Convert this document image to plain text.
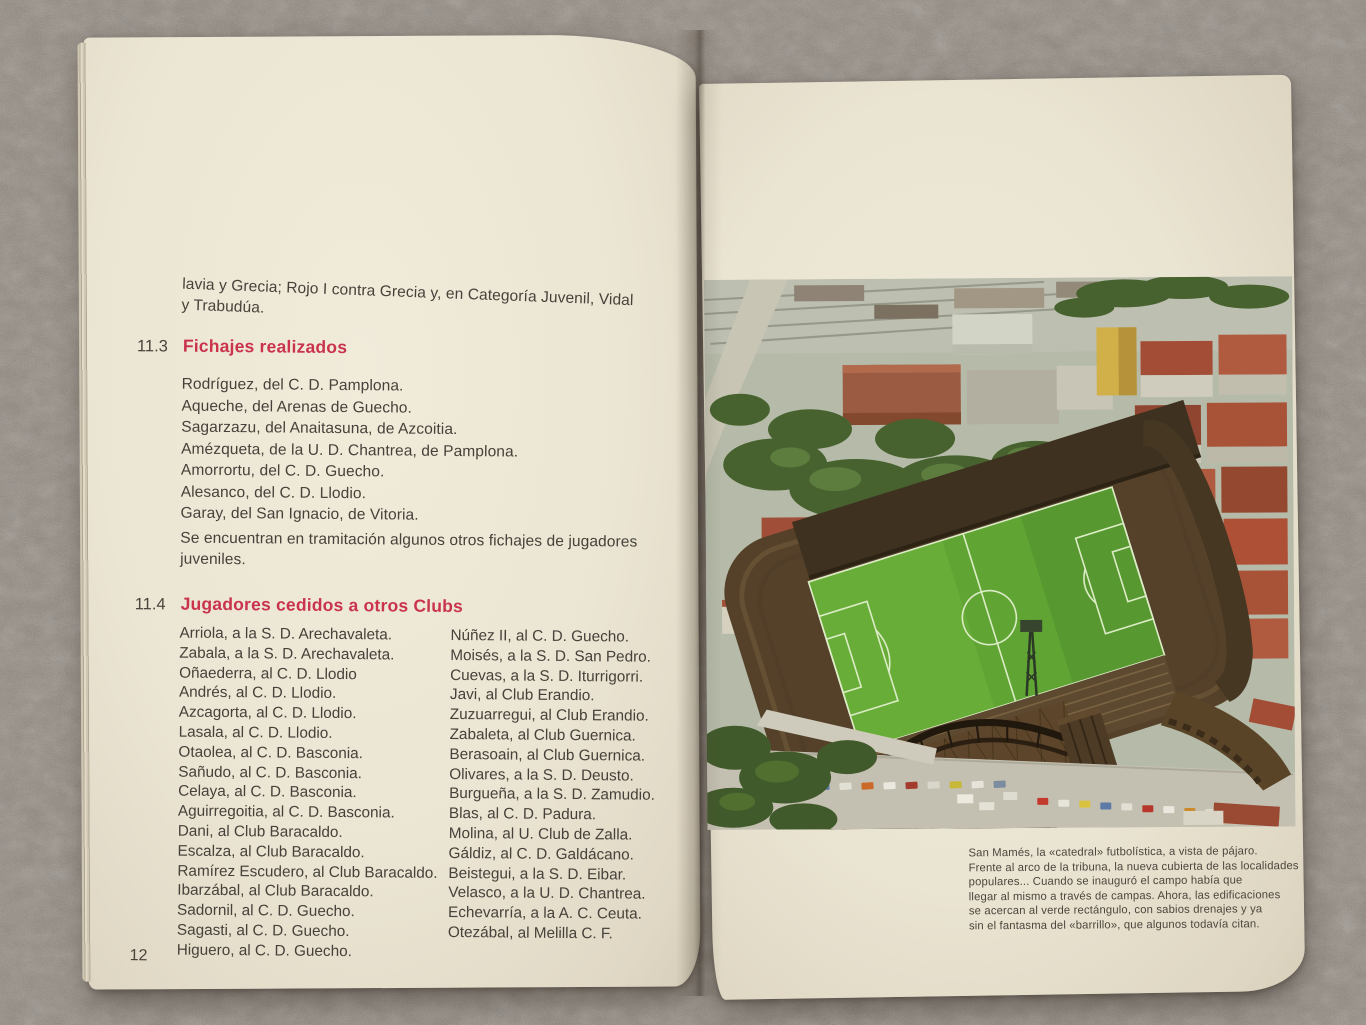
lavia y Grecia; Rojo I contra Grecia y, en Categoría Juvenil, Vidal
y Trabudúa.

11.3 Fichajes realizados
Rodríguez, del C. D. Pamplona.
Aqueche, del Arenas de Guecho.
Sagarzazu, del Anaitasuna, de Azcoitia.
Amézqueta, de la U. D. Chantrea, de Pamplona.
Amorrortu, del C. D. Guecho.
Alesanco, del C. D. Llodio.
Garay, del San Ignacio, de Vitoria.

Se encuentran en tramitación algunos otros fichajes de jugadores
juveniles.

11.4 Jugadores cedidos a otros Clubs
Arriola, a la S. D. Arechavaleta.
Zabala, a la S. D. Arechavaleta.
Oñaederra, al C. D. Llodio
Andrés, al C. D. Llodio.
Azcagorta, al C. D. Llodio.
Lasala, al C. D. Llodio.
Otaolea, al C. D. Basconia.
Sañudo, al C. D. Basconia.
Celaya, al C. D. Basconia.
Aguirregoitia, al C. D. Basconia.
Dani, al Club Baracaldo.
Escalza, al Club Baracaldo.
Ramírez Escudero, al Club Baracaldo.
Ibarzábal, al Club Baracaldo.
Sadornil, al C. D. Guecho.
Sagasti, al C. D. Guecho.
Higuero, al C. D. Guecho.
Núñez II, al C. D. Guecho.
Moisés, a la S. D. San Pedro.
Cuevas, a la S. D. Iturrigorri.
Javi, al Club Erandio.
Zuzuarregui, al Club Erandio.
Zabaleta, al Club Guernica.
Berasoain, al Club Guernica.
Olivares, a la S. D. Deusto.
Burgueña, a la S. D. Zamudio.
Blas, al C. D. Padura.
Molina, al U. Club de Zalla.
Gáldiz, al C. D. Galdácano.
Beistegui, a la S. D. Eibar.
Velasco, a la U. D. Chantrea.
Echevarría, a la A. C. Ceuta.
Otezábal, al Melilla C. F.
12

San Mamés, la «catedral» futbolística, a vista de pájaro.
Frente al arco de la tribuna, la nueva cubierta de las localidades
populares... Cuando se inauguró el campo había que
llegar al mismo a través de campas. Ahora, las edificaciones
se acercan al verde rectángulo, con sabios drenajes y ya
sin el fantasma del «barrillo», que algunos todavía citan.
